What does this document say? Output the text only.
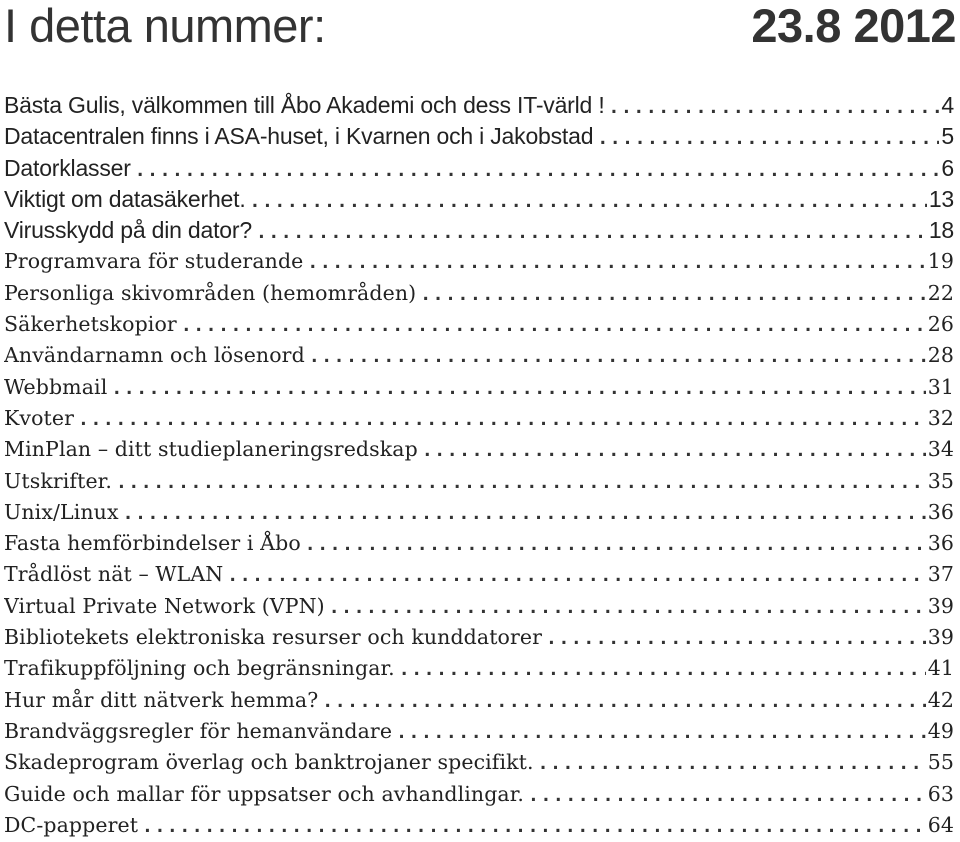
I detta nummer:	23.8 2012
Bästa Gulis, välkommen till Åbo Akademi och dess IT-värld ! .....	4
Datacentralen finns i ASA-huset, i Kvarnen och i Jakobstad .....	5
Datorklasser .....	6
Viktigt om datasäkerhet. .....	13
Virusskydd på din dator? .....	18
Programvara för studerande .....	19
Personliga skivområden (hemområden) .....	22
Säkerhetskopior .....	26
Användarnamn och lösenord .....	28
Webbmail .....	31
Kvoter .....	32
MinPlan – ditt studieplaneringsredskap .....	34
Utskrifter. .....	35
Unix/Linux .....	36
Fasta hemförbindelser i Åbo .....	36
Trådlöst nät – WLAN .....	37
Virtual Private Network (VPN) .....	39
Bibliotekets elektroniska resurser och kunddatorer .....	39
Trafikuppföljning och begränsningar. .....	41
Hur mår ditt nätverk hemma? .....	42
Brandväggsregler för hemanvändare .....	49
Skadeprogram överlag och banktrojaner specifikt. .....	55
Guide och mallar för uppsatser och avhandlingar. .....	63
DC-papperet .....	64
